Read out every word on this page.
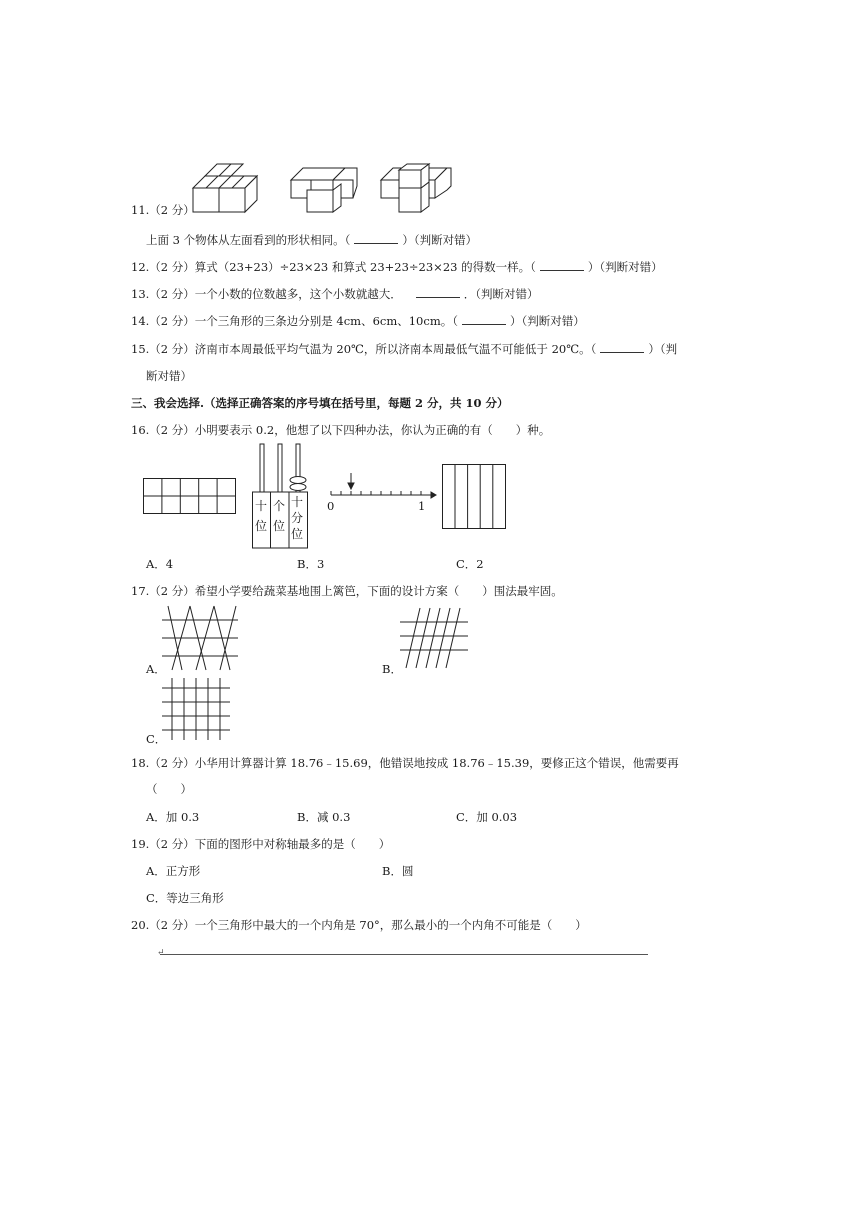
11.（2 分）
上面 3 个物体从左面看到的形状相同。（	）（判断对错）
12.（2 分）算式（23+23）÷23×23 和算式 23+23÷23×23 的得数一样。（	）（判断对错）
13.（2 分）一个小数的位数越多，这个小数就越大．	．（判断对错）
14.（2 分）一个三角形的三条边分别是 4cm、6cm、10cm。（	）（判断对错）
15.（2 分）济南市本周最低平均气温为 20℃，所以济南本周最低气温不可能低于 20℃。（	）（判
断对错）
三、我会选择.（选择正确答案的序号填在括号里，每题 2 分，共 10 分）
16.（2 分）小明要表示 0.2，他想了以下四种办法，你认为正确的有（　　）种。
十位
个位
十分位
0	1
A．4	B．3	C．2
17.（2 分）希望小学要给蔬菜基地围上篱笆，下面的设计方案（　　）围法最牢固。
A．	B．
C．
18.（2 分）小华用计算器计算 18.76﹣15.69，他错误地按成 18.76﹣15.39，要修正这个错误，他需要再
（　　）
A．加 0.3	B．减 0.3	C．加 0.03
19.（2 分）下面的图形中对称轴最多的是（　　）
A．正方形	B．圆
C．等边三角形
20.（2 分）一个三角形中最大的一个内角是 70°，那么最小的一个内角不可能是（　　）
↵
